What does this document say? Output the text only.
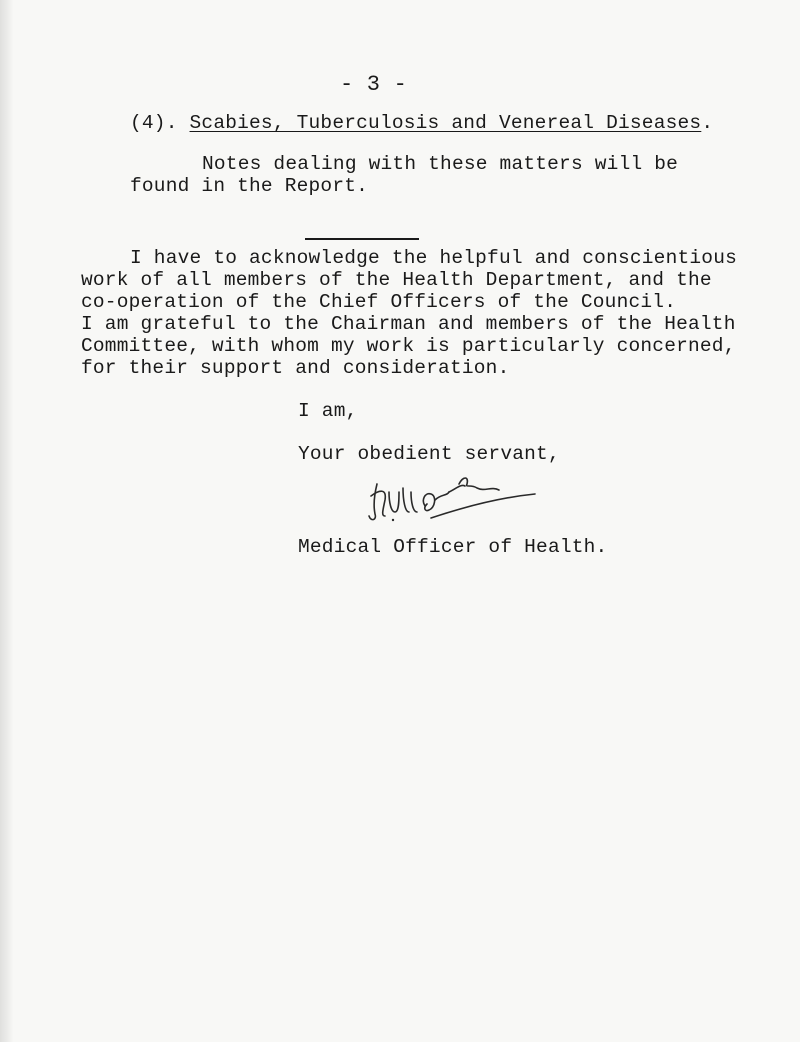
- 3 -
(4). Scabies, Tuberculosis and Venereal Diseases.
Notes dealing with these matters will be
found in the Report.
I have to acknowledge the helpful and conscientious
work of all members of the Health Department, and the
co-operation of the Chief Officers of the Council.
I am grateful to the Chairman and members of the Health
Committee, with whom my work is particularly concerned,
for their support and consideration.
I am,
Your obedient servant,
Medical Officer of Health.
